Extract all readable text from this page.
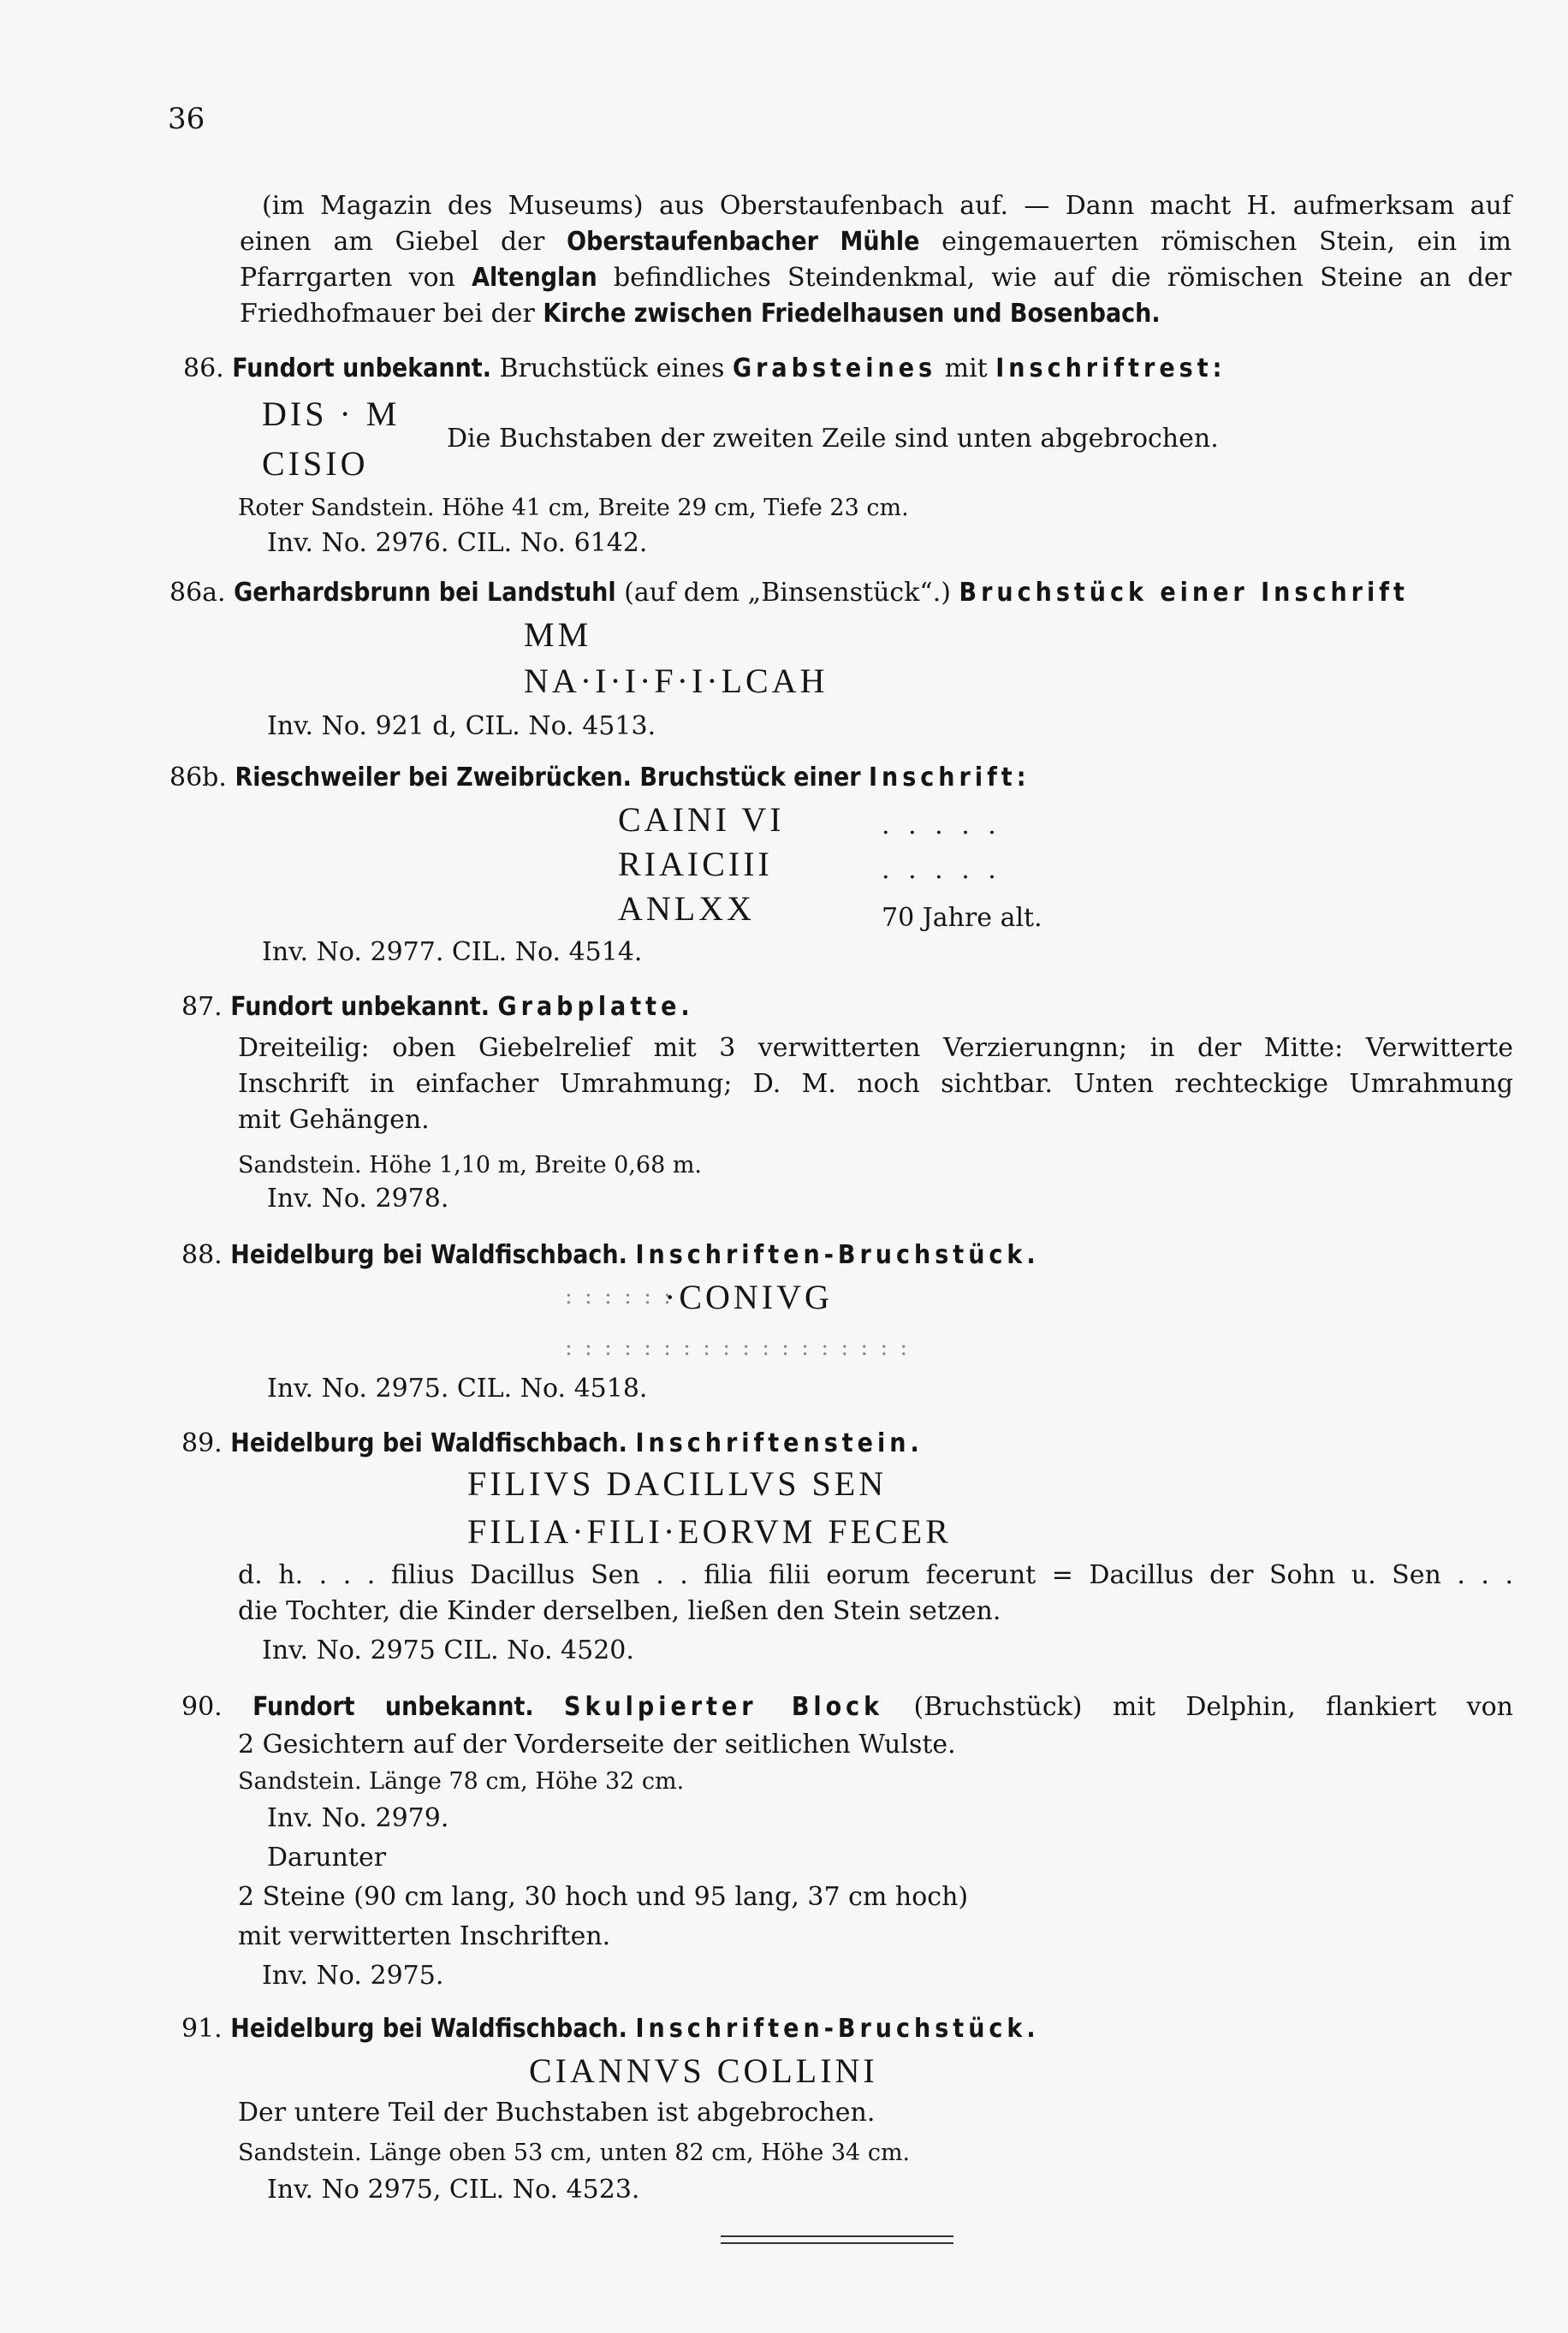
36
(im Magazin des Museums) aus Oberstaufenbach auf. — Dann macht H. aufmerksam auf
einen am Giebel der Oberstaufenbacher Mühle eingemauerten römischen Stein, ein im
Pfarrgarten von Altenglan befindliches Steindenkmal, wie auf die römischen Steine an der
Friedhofmauer bei der Kirche zwischen Friedelhausen und Bosenbach.
86. Fundort unbekannt. Bruchstück eines Grabsteines mit Inschriftrest:
DIS · M
CISIO
Die Buchstaben der zweiten Zeile sind unten abgebrochen.
Roter Sandstein. Höhe 41 cm, Breite 29 cm, Tiefe 23 cm.
Inv. No. 2976. CIL. No. 6142.
86a. Gerhardsbrunn bei Landstuhl (auf dem „Binsenstück“.) Bruchstück einer Inschrift
MM
NA·I·I·F·I·LCAH
Inv. No. 921 d, CIL. No. 4513.
86b. Rieschweiler bei Zweibrücken. Bruchstück einer Inschrift:
CAINI VI
RIAICIII
ANLXX
. . . . .
. . . . .
70 Jahre alt.
Inv. No. 2977. CIL. No. 4514.
87. Fundort unbekannt. Grabplatte.
Dreiteilig: oben Giebelrelief mit 3 verwitterten Verzierungnn; in der Mitte: Verwitterte
Inschrift in einfacher Umrahmung; D. M. noch sichtbar. Unten rechteckige Umrahmung
mit Gehängen.
Sandstein. Höhe 1,10 m, Breite 0,68 m.
Inv. No. 2978.
88. Heidelburg bei Waldfischbach. Inschriften-Bruchstück.
: : : : : :
·CONIVG
: : : : : : : : : : : : : : : : : :
Inv. No. 2975. CIL. No. 4518.
89. Heidelburg bei Waldfischbach. Inschriftenstein.
FILIVS DACILLVS SEN
FILIA·FILI·EORVM FECER
d. h. . . . filius Dacillus Sen . . filia filii eorum fecerunt = Dacillus der Sohn u. Sen . . .
die Tochter, die Kinder derselben, ließen den Stein setzen.
Inv. No. 2975 CIL. No. 4520.
90. Fundort unbekannt. Skulpierter Block (Bruchstück) mit Delphin, flankiert von
2 Gesichtern auf der Vorderseite der seitlichen Wulste.
Sandstein. Länge 78 cm, Höhe 32 cm.
Inv. No. 2979.
Darunter
2 Steine (90 cm lang, 30 hoch und 95 lang, 37 cm hoch)
mit verwitterten Inschriften.
Inv. No. 2975.
91. Heidelburg bei Waldfischbach. Inschriften-Bruchstück.
CIANNVS COLLINI
Der untere Teil der Buchstaben ist abgebrochen.
Sandstein. Länge oben 53 cm, unten 82 cm, Höhe 34 cm.
Inv. No 2975, CIL. No. 4523.
